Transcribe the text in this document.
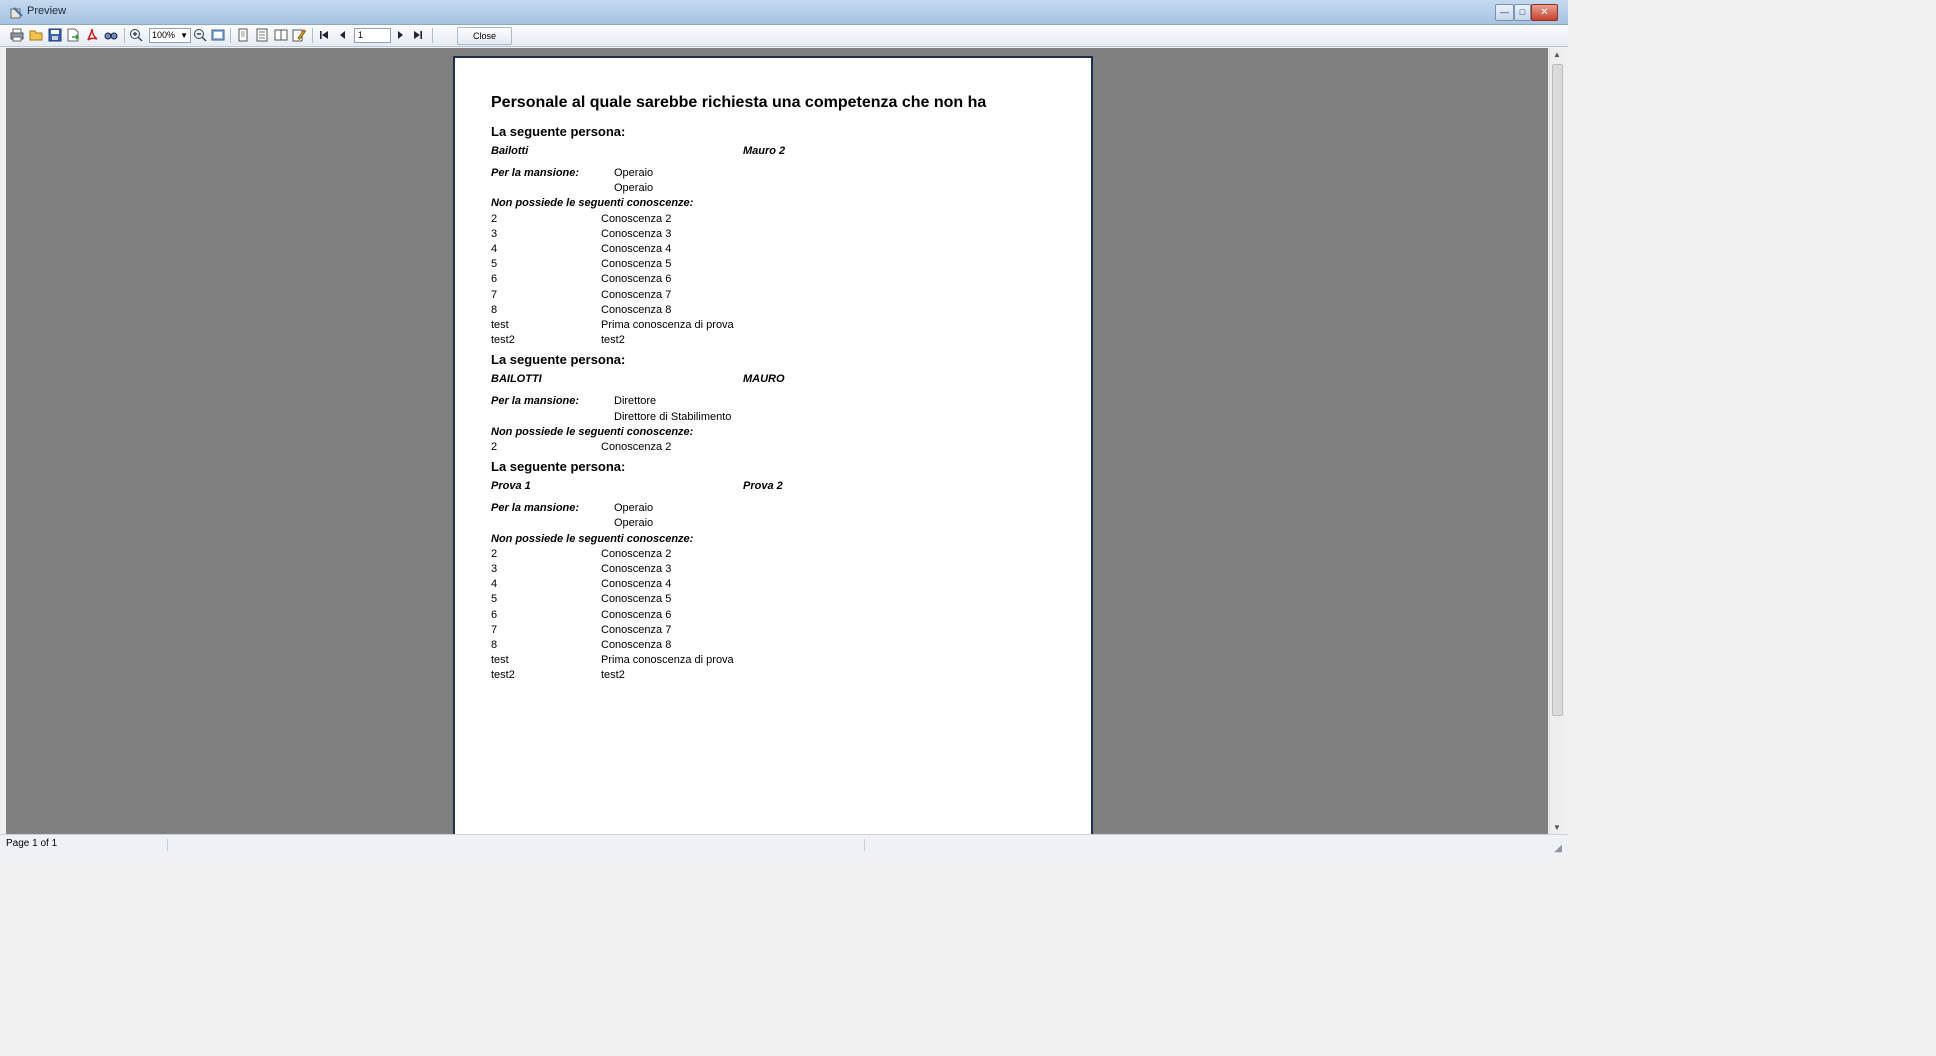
Preview	—	□	✕
100% ▼	1	Close
Personale al quale sarebbe richiesta una competenza che non ha
La seguente persona:
Bailotti	Mauro 2
Per la mansione:	Operaio
Operaio
Non possiede le seguenti conoscenze:
2	Conoscenza 2
3	Conoscenza 3
4	Conoscenza 4
5	Conoscenza 5
6	Conoscenza 6
7	Conoscenza 7
8	Conoscenza 8
test	Prima conoscenza di prova
test2	test2
La seguente persona:
BAILOTTI	MAURO
Per la mansione:	Direttore
Direttore di Stabilimento
Non possiede le seguenti conoscenze:
2	Conoscenza 2
La seguente persona:
Prova 1	Prova 2
Per la mansione:	Operaio
Operaio
Non possiede le seguenti conoscenze:
2	Conoscenza 2
3	Conoscenza 3
4	Conoscenza 4
5	Conoscenza 5
6	Conoscenza 6
7	Conoscenza 7
8	Conoscenza 8
test	Prima conoscenza di prova
test2	test2
▲
▼
Page 1 of 1	◢
